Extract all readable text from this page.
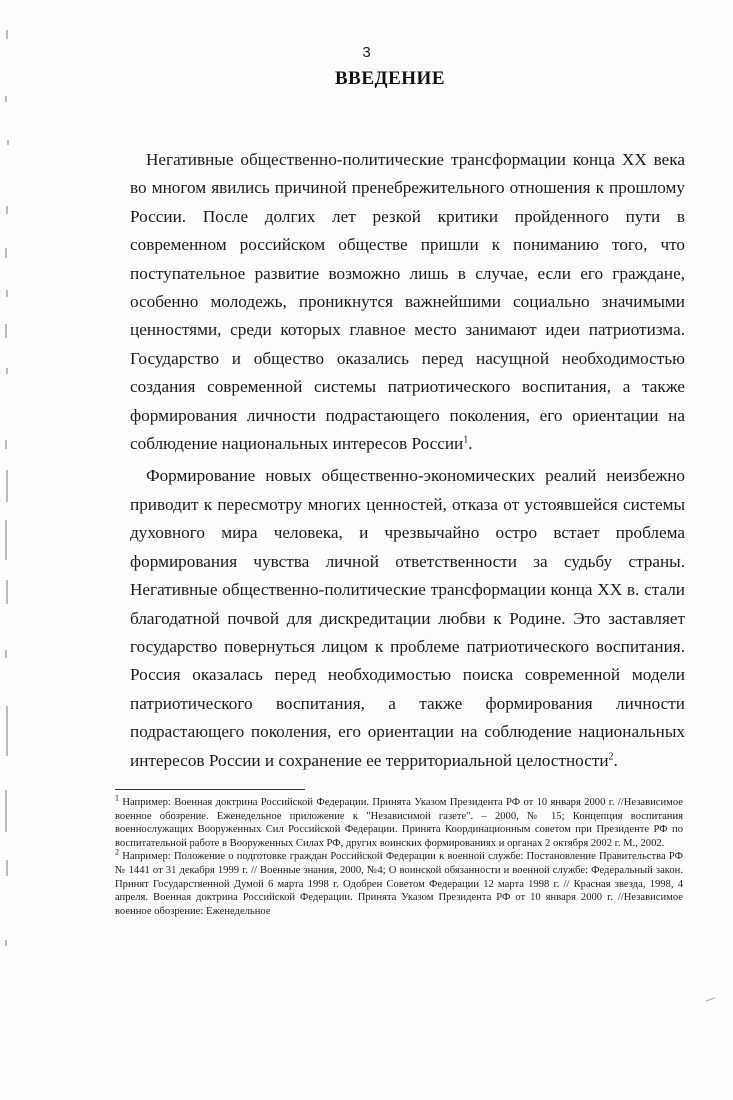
3
ВВЕДЕНИЕ

Негативные общественно-политические трансформации конца XX века во многом явились причиной пренебрежительного отношения к прошлому России. После долгих лет резкой критики пройденного пути в современном российском обществе пришли к пониманию того, что поступательное развитие возможно лишь в случае, если его граждане, особенно молодежь, проникнутся важнейшими социально значимыми ценностями, среди которых главное место занимают идеи патриотизма. Государство и общество оказались перед насущной необходимостью создания современной системы патриотического воспитания, а также формирования личности подрастающего поколения, его ориентации на соблюдение национальных интересов России$^1$.

Формирование новых общественно-экономических реалий неизбежно приводит к пересмотру многих ценностей, отказа от устоявшейся системы духовного мира человека, и чрезвычайно остро встает проблема формирования чувства личной ответственности за судьбу страны. Негативные общественно-политические трансформации конца XX в. стали благодатной почвой для дискредитации любви к Родине. Это заставляет государство повернуться лицом к проблеме патриотического воспитания. Россия оказалась перед необходимостью поиска современной модели патриотического воспитания, а также формирования личности подрастающего поколения, его ориентации на соблюдение национальных интересов России и сохранение ее территориальной целостности$^2$.

$^1$ Например: Военная доктрина Российской Федерации. Принята Указом Президента РФ от 10 января 2000 г. //Независимое военное обозрение. Еженедельное приложение к "Независимой газете". – 2000, № 15; Концепция воспитания военнослужащих Вооруженных Сил Российской Федерации. Принята Координационным советом при Президенте РФ по воспитательной работе в Вооруженных Силах РФ, других воинских формированиях и органах 2 октября 2002 г. М., 2002.

$^2$ Например: Положение о подготовке граждан Российской Федерации к военной службе: Постановление Правительства РФ № 1441 от 31 декабря 1999 г. // Военные знания, 2000, №4; О воинской обязанности и военной службе: Федеральный закон. Принят Государственной Думой 6 марта 1998 г. Одобрен Советом Федерации 12 марта 1998 г. // Красная звезда, 1998, 4 апреля. Военная доктрина Российской Федерации. Принята Указом Президента РФ от 10 января 2000 г. //Независимое военное обозрение: Еженедельное
